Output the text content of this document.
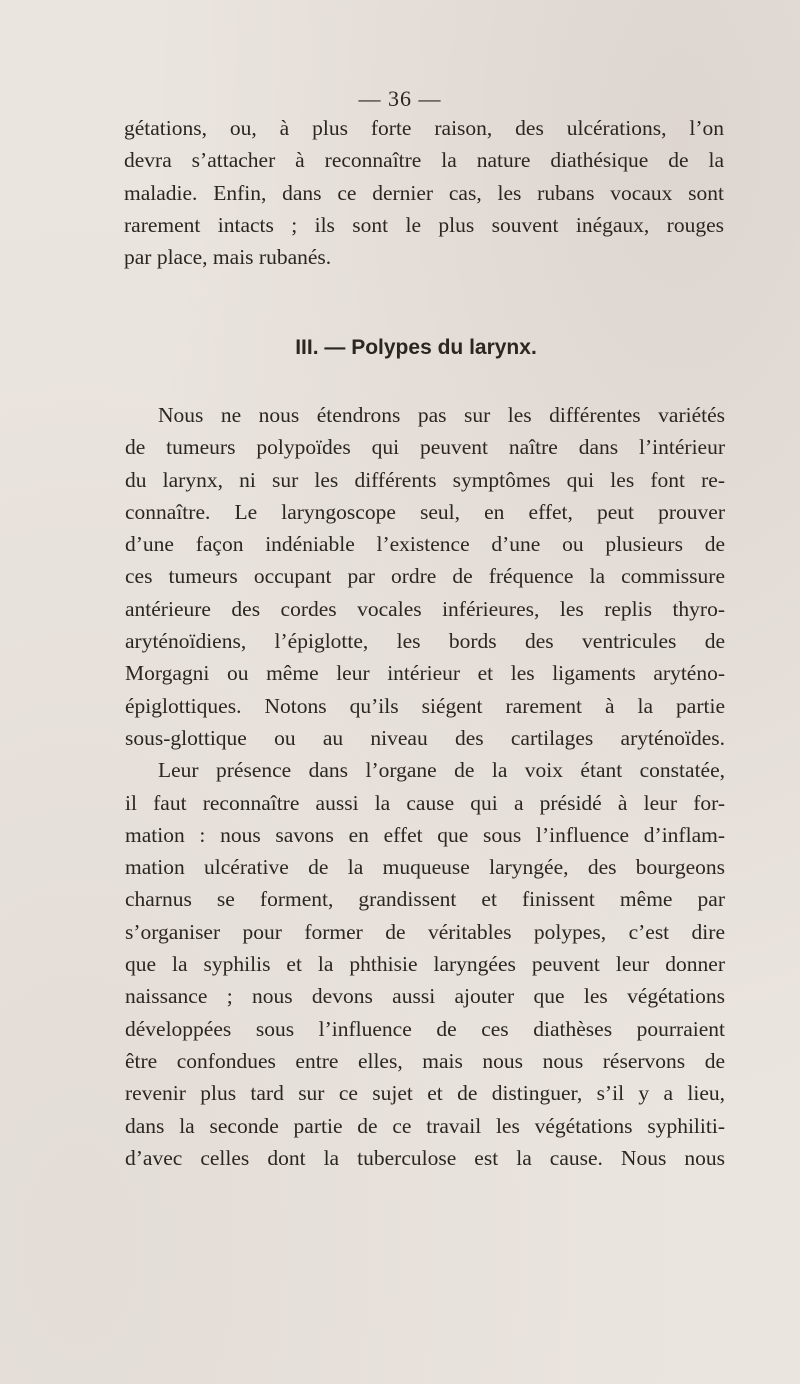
— 36 —
gétations, ou, à plus forte raison, des ulcérations, l’on
devra s’attacher à reconnaître la nature diathésique de la
maladie. Enfin, dans ce dernier cas, les rubans vocaux sont
rarement intacts ; ils sont le plus souvent inégaux, rouges
par place, mais rubanés.
III. — Polypes du larynx.
Nous ne nous étendrons pas sur les différentes variétés
de tumeurs polypoïdes qui peuvent naître dans l’intérieur
du larynx, ni sur les différents symptômes qui les font re-
connaître. Le laryngoscope seul, en effet, peut prouver
d’une façon indéniable l’existence d’une ou plusieurs de
ces tumeurs occupant par ordre de fréquence la commissure
antérieure des cordes vocales inférieures, les replis thyro-
aryténoïdiens, l’épiglotte, les bords des ventricules de
Morgagni ou même leur intérieur et les ligaments aryténo-
épiglottiques. Notons qu’ils siégent rarement à la partie
sous-glottique ou au niveau des cartilages aryténoïdes.
Leur présence dans l’organe de la voix étant constatée,
il faut reconnaître aussi la cause qui a présidé à leur for-
mation : nous savons en effet que sous l’influence d’inflam-
mation ulcérative de la muqueuse laryngée, des bourgeons
charnus se forment, grandissent et finissent même par
s’organiser pour former de véritables polypes, c’est dire
que la syphilis et la phthisie laryngées peuvent leur donner
naissance ; nous devons aussi ajouter que les végétations
développées sous l’influence de ces diathèses pourraient
être confondues entre elles, mais nous nous réservons de
revenir plus tard sur ce sujet et de distinguer, s’il y a lieu,
dans la seconde partie de ce travail les végétations syphiliti-
d’avec celles dont la tuberculose est la cause. Nous nous
